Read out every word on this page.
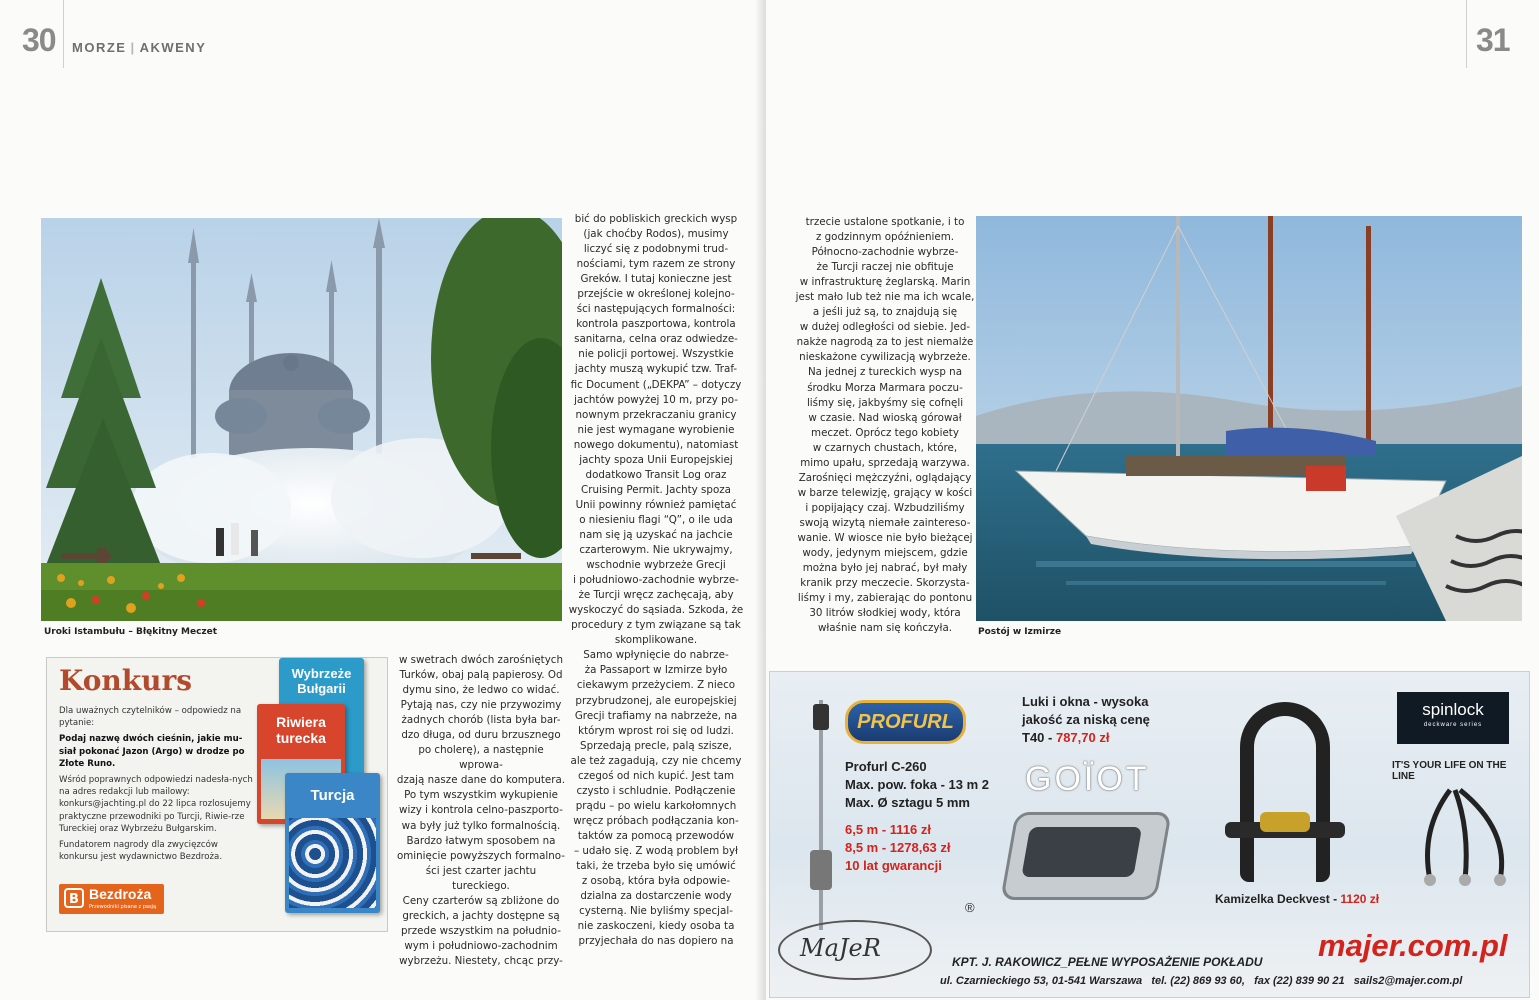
30 MORZE | AKWENY
Uroki Istambułu – Błękitny Meczet

bić do pobliskich greckich wysp

(jak choćby Rodos), musimy

liczyć się z podobnymi trud-

nościami, tym razem ze strony

Greków. I tutaj konieczne jest

przejście w określonej kolejno-

ści następujących formalności:

kontrola paszportowa, kontrola

sanitarna, celna oraz odwiedze-

nie policji portowej. Wszystkie

jachty muszą wykupić tzw. Traf-

fic Document („DEKPA” – dotyczy

jachtów powyżej 10 m, przy po-

nownym przekraczaniu granicy

nie jest wymagane wyrobienie

nowego dokumentu), natomiast

jachty spoza Unii Europejskiej

dodatkowo Transit Log oraz

Cruising Permit. Jachty spoza

Unii powinny również pamiętać

o niesieniu flagi “Q”, o ile uda

nam się ją uzyskać na jachcie

czarterowym. Nie ukrywajmy,

wschodnie wybrzeże Grecji

i południowo-zachodnie wybrze-

że Turcji wręcz zachęcają, aby

wyskoczyć do sąsiada. Szkoda, że

procedury z tym związane są tak

skomplikowane.

Samo wpłynięcie do nabrze-

ża Passaport w Izmirze było

ciekawym przeżyciem. Z nieco

przybrudzonej, ale europejskiej

Grecji trafiamy na nabrzeże, na

którym wprost roi się od ludzi.

Sprzedają precle, palą szisze,

ale też zagadują, czy nie chcemy

czegoś od nich kupić. Jest tam

czysto i schludnie. Podłączenie

prądu – po wielu karkołomnych

wręcz próbach podłączania kon-

taktów za pomocą przewodów

– udało się. Z wodą problem był

taki, że trzeba było się umówić

z osobą, która była odpowie-

dzialna za dostarczenie wody

cysterną. Nie byliśmy specjal-

nie zaskoczeni, kiedy osoba ta

przyjechała do nas dopiero na

w swetrach dwóch zarośniętych

Turków, obaj palą papierosy. Od

dymu sino, że ledwo co widać.

Pytają nas, czy nie przywozimy

żadnych chorób (lista była bar-

dzo długa, od duru brzusznego

po cholerę), a następnie wprowa-

dzają nasze dane do komputera.

Po tym wszystkim wykupienie

wizy i kontrola celno-paszporto-

wa były już tylko formalnością.

Bardzo łatwym sposobem na

ominięcie powyższych formalno-

ści jest czarter jachtu tureckiego.

Ceny czarterów są zbliżone do

greckich, a jachty dostępne są

przede wszystkim na południo-

wym i południowo-zachodnim

wybrzeżu. Niestety, chcąc przy-

Konkurs

Dla uważnych czytelników – odpowiedz na pytanie:

Podaj nazwę dwóch cieśnin, jakie mu-siał pokonać Jazon (Argo) w drodze po Złote Runo.

Wśród poprawnych odpowiedzi nadesła-nych na adres redakcji lub mailowy: konkurs@jachting.pl do 22 lipca rozlosujemy praktyczne przewodniki po Turcji, Riwie-rze Tureckiej oraz Wybrzeżu Bułgarskim.

Fundatorem nagrody dla zwycięzców konkursu jest wydawnictwo Bezdroża.

B Bezdroża
Przewodniki pisane z pasją
Wybrzeże
Bułgarii
Riwiera
turecka
Turcja
31

trzecie ustalone spotkanie, i to

z godzinnym opóźnieniem.

Północno-zachodnie wybrze-

że Turcji raczej nie obfituje

w infrastrukturę żeglarską. Marin

jest mało lub też nie ma ich wcale,

a jeśli już są, to znajdują się

w dużej odległości od siebie. Jed-

nakże nagrodą za to jest niemalże

nieskażone cywilizacją wybrzeże.

Na jednej z tureckich wysp na

środku Morza Marmara poczu-

liśmy się, jakbyśmy się cofnęli

w czasie. Nad wioską górował

meczet. Oprócz tego kobiety

w czarnych chustach, które,

mimo upału, sprzedają warzywa.

Zarośnięci mężczyźni, oglądający

w barze telewizję, grający w kości

i popijający czaj. Wzbudziliśmy

swoją wizytą niemałe zaintereso-

wanie. W wiosce nie było bieżącej

wody, jedynym miejscem, gdzie

można było jej nabrać, był mały

kranik przy meczecie. Skorzysta-

liśmy i my, zabierając do pontonu

30 litrów słodkiej wody, która

właśnie nam się kończyła.	Postój w Izmirze
PROFURL
Profurl C-260
Max. pow. foka - 13 m 2
Max. Ø sztagu 5 mm
6,5 m - 1116 zł
8,5 m - 1278,63 zł
10 lat gwarancji
Luki i okna - wysoka
jakość za niską cenę
T40 - 787,70 zł
GOÏOT
Kamizelka Deckvest - 1120 zł
spinlock
deckware series
IT'S YOUR LIFE ON THE LINE
MaJeR
®
KPT. J. RAKOWICZ_PEŁNE WYPOSAŻENIE POKŁADU majer.com.pl
ul. Czarnieckiego 53, 01-541 Warszawa   tel. (22) 869 93 60,   fax (22) 839 90 21   sails2@majer.com.pl
